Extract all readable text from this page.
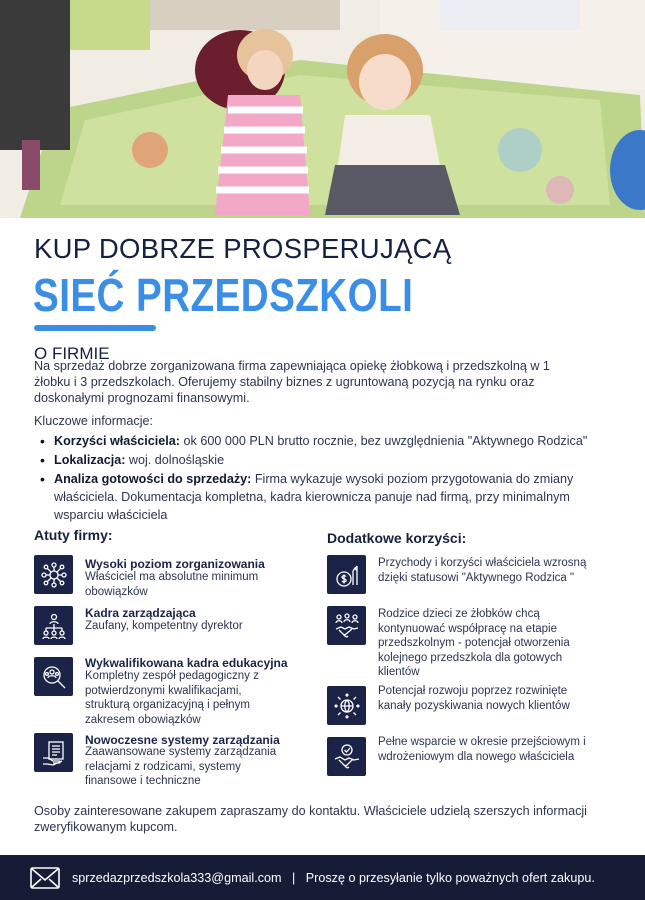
KUP DOBRZE PROSPERUJĄCĄ
SIEĆ PRZEDSZKOLI
O FIRMIE
Na sprzedaż dobrze zorganizowana firma zapewniająca opiekę żłobkową i przedszkolną w 1 żłobku i 3 przedszkolach. Oferujemy stabilny biznes z ugruntowaną pozycją na rynku oraz doskonałymi prognozami finansowymi.
Kluczowe informacje:
• Korzyści właściciela: ok 600 000 PLN brutto rocznie, bez uwzględnienia "Aktywnego Rodzica"
• Lokalizacja: woj. dolnośląskie
• Analiza gotowości do sprzedaży: Firma wykazuje wysoki poziom przygotowania do zmiany właściciela. Dokumentacja kompletna, kadra kierownicza panuje nad firmą, przy minimalnym wsparciu właściciela
Atuty firmy:
Wysoki poziom zorganizowania
Właściciel ma absolutne minimum obowiązków
Kadra zarządzająca
Zaufany, kompetentny dyrektor
Wykwalifikowana kadra edukacyjna
Kompletny zespół pedagogiczny z potwierdzonymi kwalifikacjami, strukturą organizacyjną i pełnym zakresem obowiązków
Nowoczesne systemy zarządzania
Zaawansowane systemy zarządzania relacjami z rodzicami, systemy finansowe i techniczne
Dodatkowe korzyści:
Przychody i korzyści właściciela wzrosną dzięki statusowi "Aktywnego Rodzica "
Rodzice dzieci ze żłobków chcą kontynuować współpracę na etapie przedszkolnym - potencjał otworzenia kolejnego przedszkola dla gotowych klientów
Potencjał rozwoju poprzez rozwinięte kanały pozyskiwania nowych klientów
Pełne wsparcie w okresie przejściowym i wdrożeniowym dla nowego właściciela
Osoby zainteresowane zakupem zapraszamy do kontaktu. Właściciele udzielą szerszych informacji zweryfikowanym kupcom.
sprzedazprzedszkola333@gmail.com | Proszę o przesyłanie tylko poważnych ofert zakupu.
